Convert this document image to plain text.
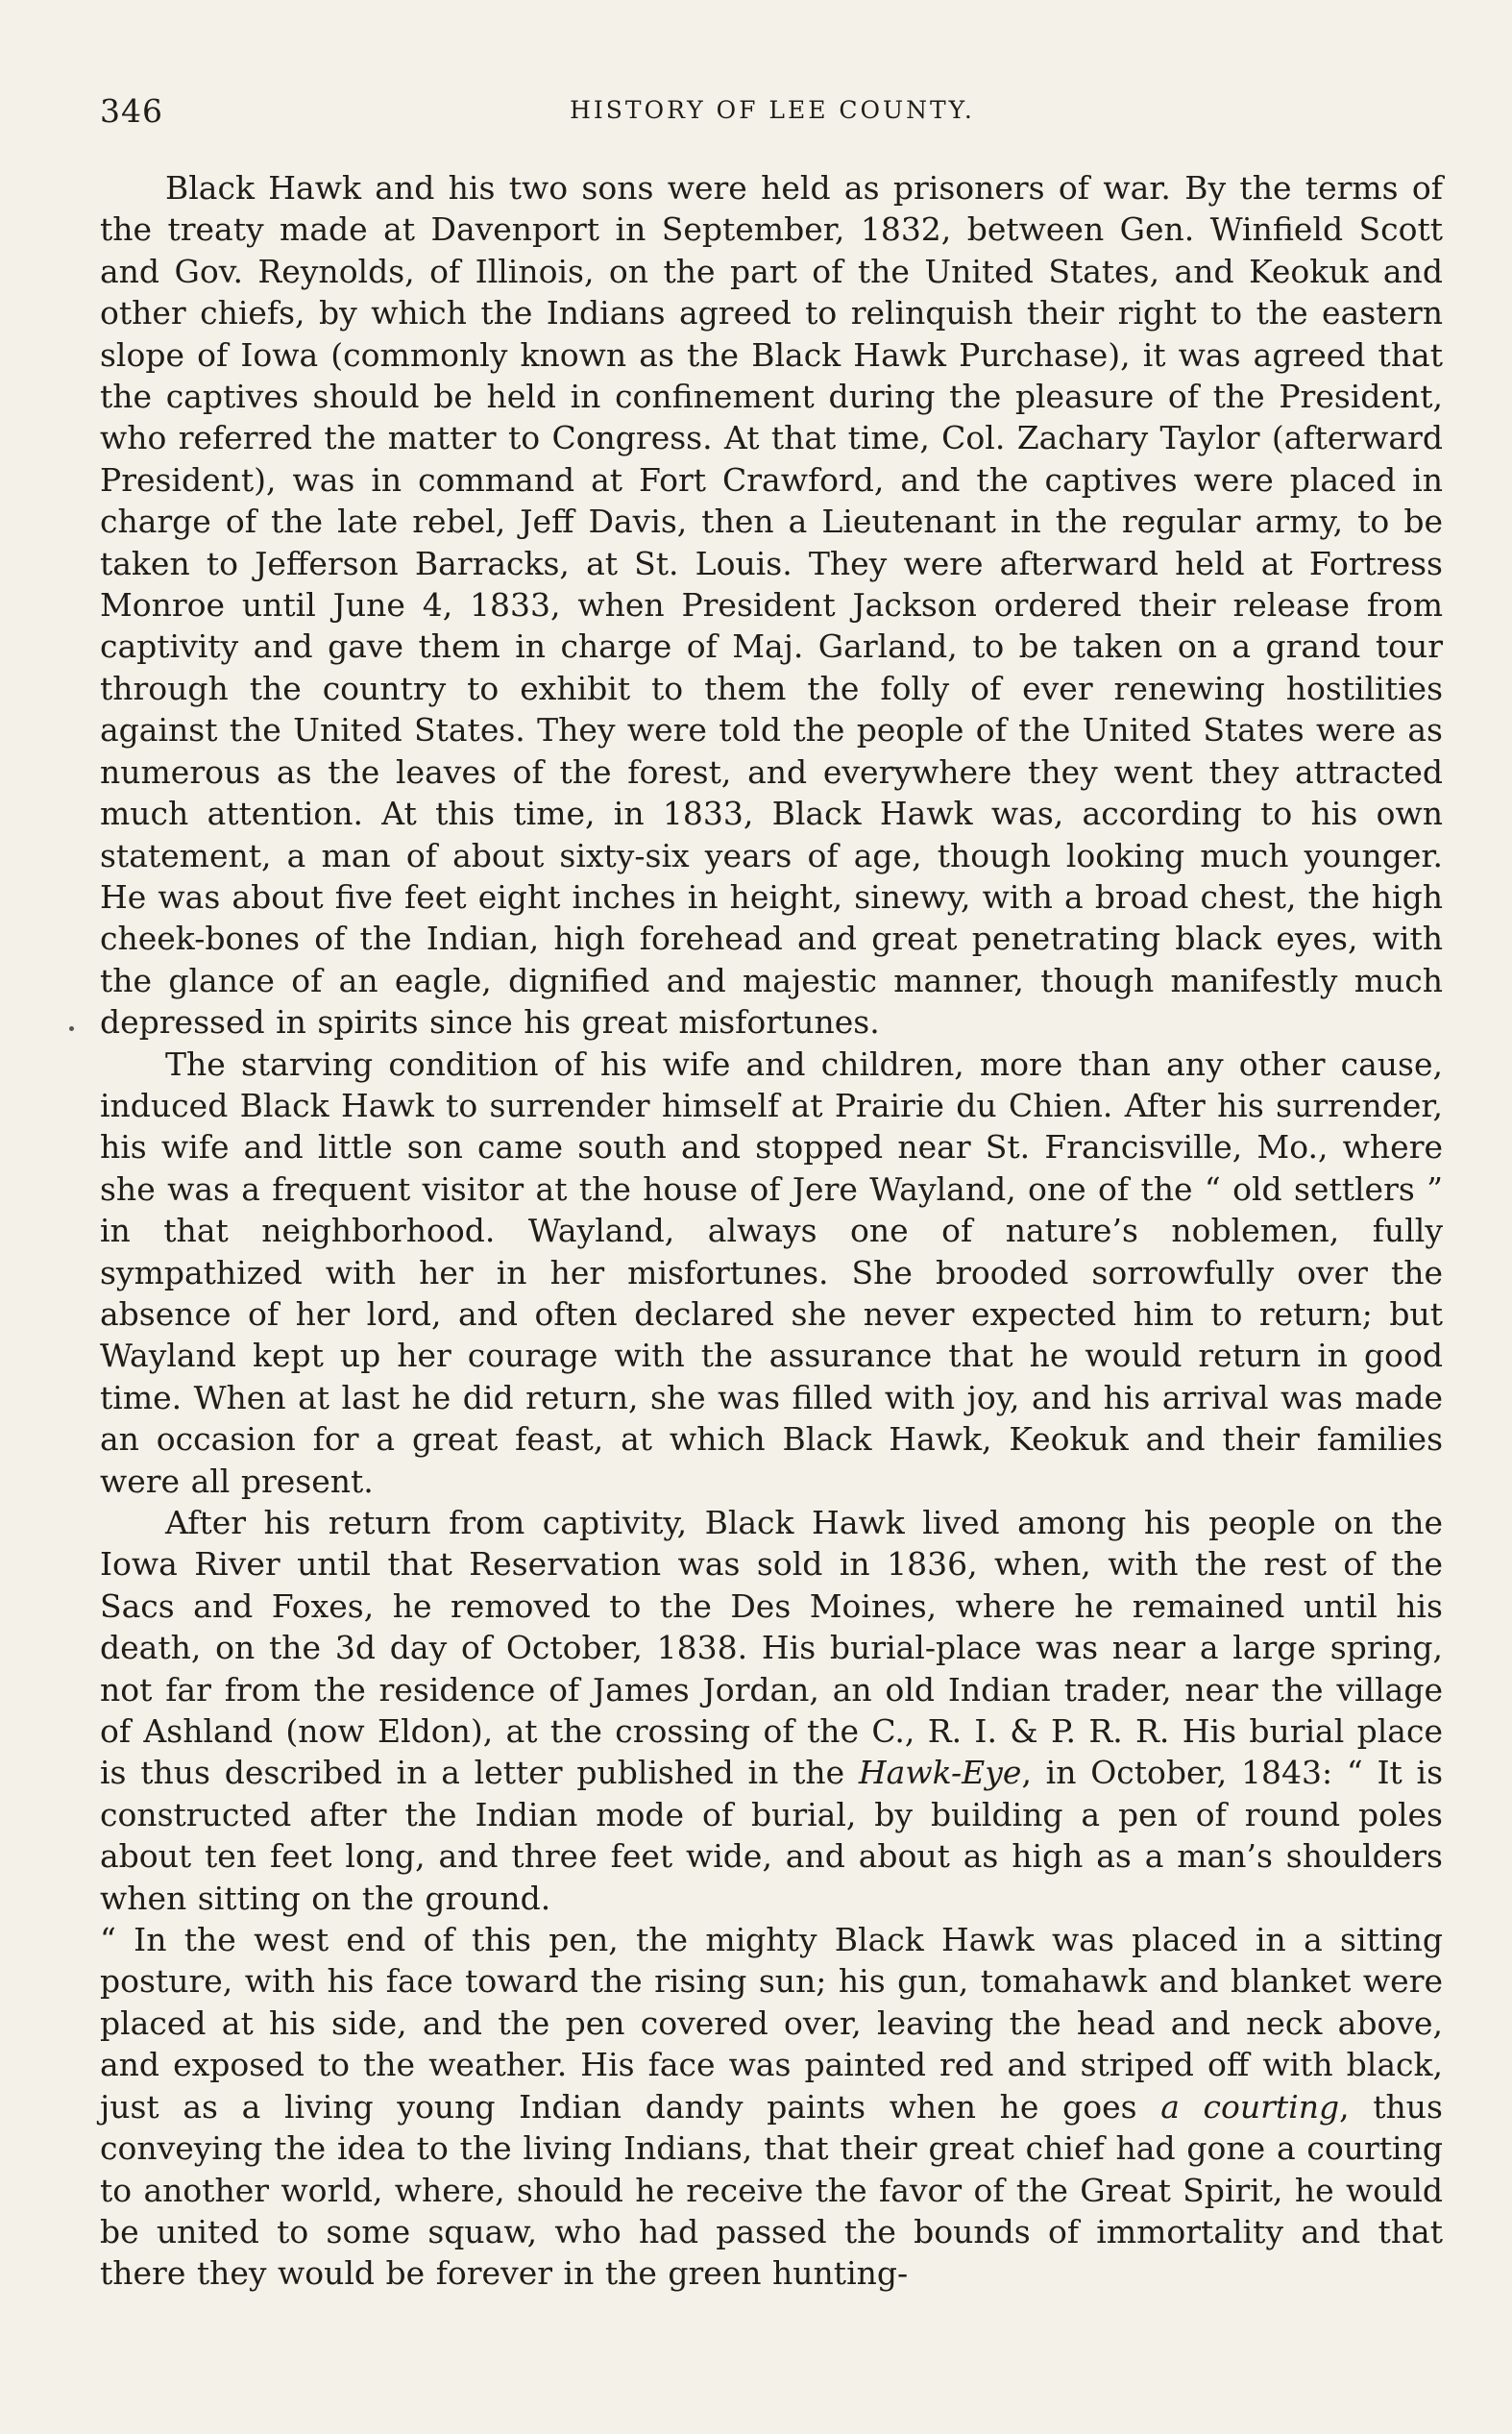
346	HISTORY OF LEE COUNTY.

Black Hawk and his two sons were held as prisoners of war. By the terms of the treaty made at Davenport in September, 1832, between Gen. Winfield Scott and Gov. Reynolds, of Illinois, on the part of the United States, and Keokuk and other chiefs, by which the Indians agreed to relinquish their right to the eastern slope of Iowa (commonly known as the Black Hawk Purchase), it was agreed that the captives should be held in confinement during the pleasure of the President, who referred the matter to Congress. At that time, Col. Zachary Taylor (afterward President), was in command at Fort Crawford, and the captives were placed in charge of the late rebel, Jeff Davis, then a Lieutenant in the regular army, to be taken to Jefferson Barracks, at St. Louis. They were afterward held at Fortress Monroe until June 4, 1833, when President Jackson ordered their release from captivity and gave them in charge of Maj. Garland, to be taken on a grand tour through the country to exhibit to them the folly of ever renewing hostilities against the United States. They were told the people of the United States were as numerous as the leaves of the forest, and everywhere they went they attracted much attention. At this time, in 1833, Black Hawk was, according to his own statement, a man of about sixty-six years of age, though looking much younger. He was about five feet eight inches in height, sinewy, with a broad chest, the high cheek-bones of the Indian, high forehead and great penetrating black eyes, with the glance of an eagle, dignified and majestic manner, though manifestly much depressed in spirits since his great misfortunes.

The starving condition of his wife and children, more than any other cause, induced Black Hawk to surrender himself at Prairie du Chien. After his surrender, his wife and little son came south and stopped near St. Francisville, Mo., where she was a frequent visitor at the house of Jere Wayland, one of the “ old settlers ” in that neighborhood. Wayland, always one of nature’s noblemen, fully sympathized with her in her misfortunes. She brooded sorrowfully over the absence of her lord, and often declared she never expected him to return; but Wayland kept up her courage with the assurance that he would return in good time. When at last he did return, she was filled with joy, and his arrival was made an occasion for a great feast, at which Black Hawk, Keokuk and their families were all present.

After his return from captivity, Black Hawk lived among his people on the Iowa River until that Reservation was sold in 1836, when, with the rest of the Sacs and Foxes, he removed to the Des Moines, where he remained until his death, on the 3d day of October, 1838. His burial-place was near a large spring, not far from the residence of James Jordan, an old Indian trader, near the village of Ashland (now Eldon), at the crossing of the C., R. I. & P. R. R. His burial place is thus described in a letter published in the Hawk-Eye, in October, 1843: “ It is constructed after the Indian mode of burial, by building a pen of round poles about ten feet long, and three feet wide, and about as high as a man’s shoulders when sitting on the ground.

“ In the west end of this pen, the mighty Black Hawk was placed in a sitting posture, with his face toward the rising sun; his gun, tomahawk and blanket were placed at his side, and the pen covered over, leaving the head and neck above, and exposed to the weather. His face was painted red and striped off with black, just as a living young Indian dandy paints when he goes a courting, thus conveying the idea to the living Indians, that their great chief had gone a courting to another world, where, should he receive the favor of the Great Spirit, he would be united to some squaw, who had passed the bounds of immortality and that there they would be forever in the green hunting-
